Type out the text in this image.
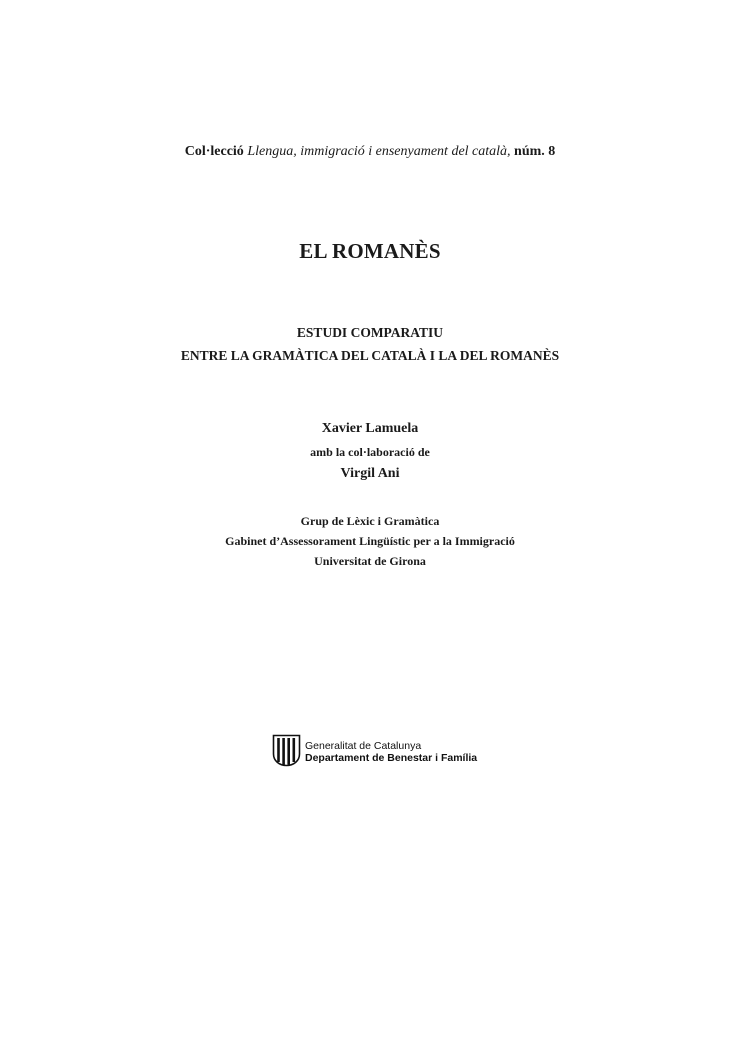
Col·lecció Llengua, immigració i ensenyament del català, núm. 8
EL ROMANÈS
ESTUDI COMPARATIU
ENTRE LA GRAMÀTICA DEL CATALÀ I LA DEL ROMANÈS
Xavier Lamuela
amb la col·laboració de
Virgil Ani
Grup de Lèxic i Gramàtica
Gabinet d’Assessorament Lingüístic per a la Immigració
Universitat de Girona
Generalitat de Catalunya
Departament de Benestar i Família
